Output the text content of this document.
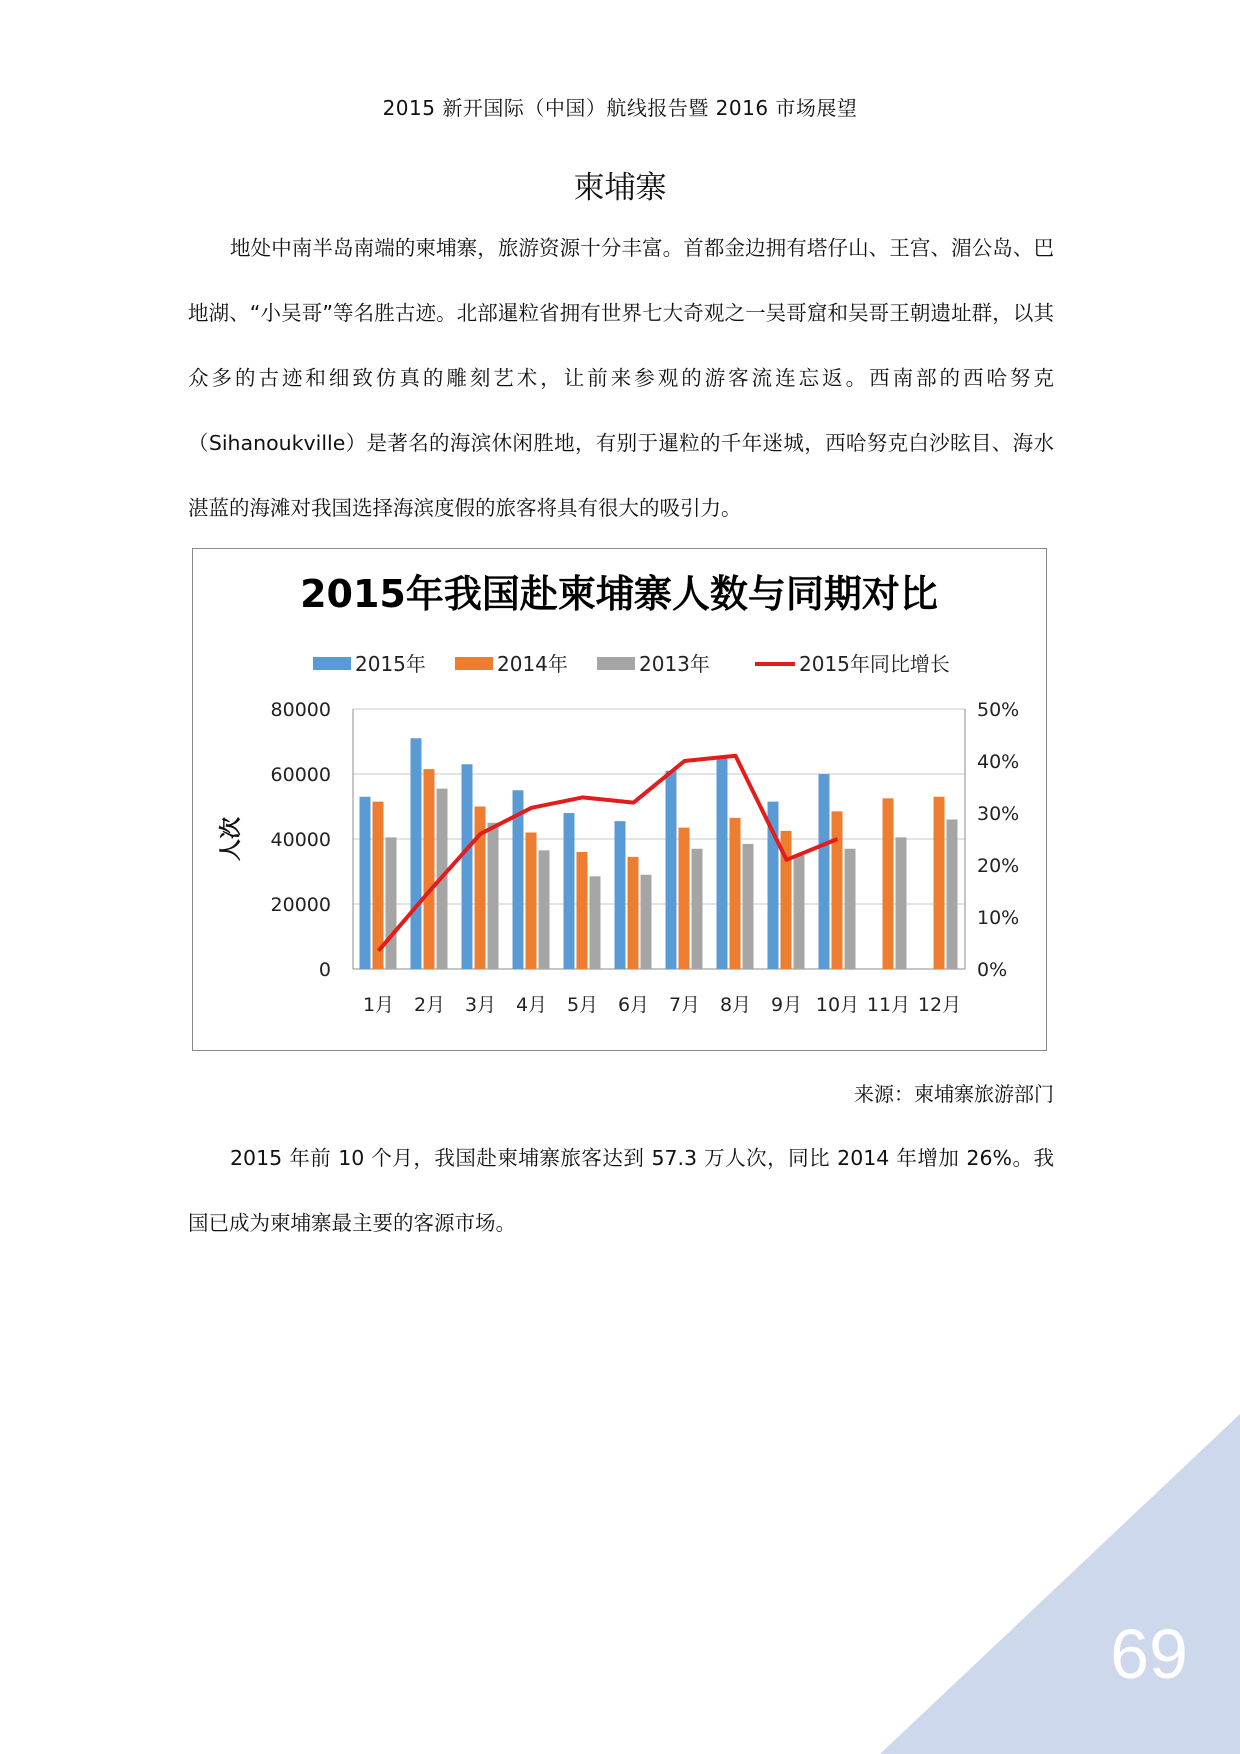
2015 新开国际（中国）航线报告暨 2016 市场展望
柬埔寨

地处中南半岛南端的柬埔寨，旅游资源十分丰富。首都金边拥有塔仔山、王宫、湄公岛、巴地湖、“小吴哥”等名胜古迹。北部暹粒省拥有世界七大奇观之一吴哥窟和吴哥王朝遗址群，以其众多的古迹和细致仿真的雕刻艺术，让前来参观的游客流连忘返。西南部的西哈努克（Sihanoukville）是著名的海滨休闲胜地，有别于暹粒的千年迷城，西哈努克白沙眩目、海水湛蓝的海滩对我国选择海滨度假的旅客将具有很大的吸引力。

2015年我国赴柬埔寨人数与同期对比
2015年	2014年	2013年	2015年同比增长
0
20000
40000
60000
80000
0%
10%
20%
30%
40%
50%
人次
1月 2月 3月 4月 5月 6月 7月 8月 9月 10月 11月 12月
来源：柬埔寨旅游部门

2015 年前 10 个月，我国赴柬埔寨旅客达到 57.3 万人次，同比 2014 年增加 26%。我国已成为柬埔寨最主要的客源市场。

69
